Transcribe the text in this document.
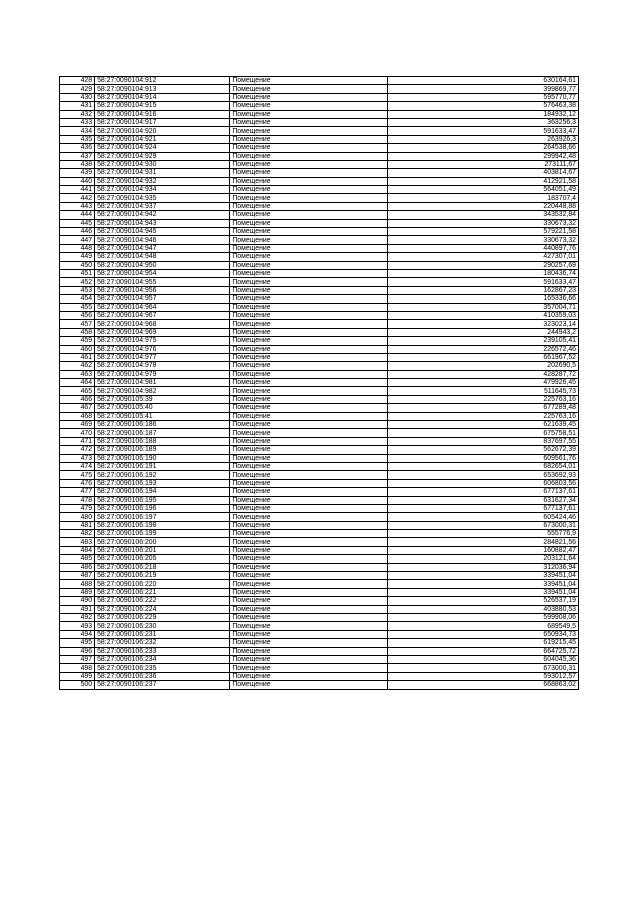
428	58:27:0090104:912	Помещение	630164,61
429	58:27:0090104:913	Помещение	399869,77
430	58:27:0090104:914	Помещение	595770,77
431	58:27:0090104:915	Помещение	576463,38
432	58:27:0090104:916	Помещение	184932,12
433	58:27:0090104:917	Помещение	363256,3
434	58:27:0090104:920	Помещение	591633,47
435	58:27:0090104:921	Помещение	263926,3
436	58:27:0090104:924	Помещение	264538,66
437	58:27:0090104:929	Помещение	299942,48
438	58:27:0090104:930	Помещение	273111,67
439	58:27:0090104:931	Помещение	403814,67
440	58:27:0090104:932	Помещение	412921,58
441	58:27:0090104:934	Помещение	564051,49
442	58:27:0090104:935	Помещение	183707,4
443	58:27:0090104:937	Помещение	220448,88
444	58:27:0090104:942	Помещение	343532,84
445	58:27:0090104:943	Помещение	330673,32
446	58:27:0090104:945	Помещение	579221,58
447	58:27:0090104:946	Помещение	330673,32
448	58:27:0090104:947	Помещение	440897,76
449	58:27:0090104:948	Помещение	427307,01
450	58:27:0090104:950	Помещение	290257,69
451	58:27:0090104:954	Помещение	180436,74
452	58:27:0090104:955	Помещение	591633,47
453	58:27:0090104:956	Помещение	162867,23
454	58:27:0090104:957	Помещение	165336,66
455	58:27:0090104:964	Помещение	357004,71
456	58:27:0090104:967	Помещение	410359,03
457	58:27:0090104:968	Помещение	323023,14
458	58:27:0090104:969	Помещение	244943,2
459	58:27:0090104:975	Помещение	239105,41
460	58:27:0090104:976	Помещение	226572,46
461	58:27:0090104:977	Помещение	661967,52
462	58:27:0090104:978	Помещение	202690,5
463	58:27:0090104:979	Помещение	428287,72
464	58:27:0090104:981	Помещение	479926,45
465	58:27:0090104:982	Помещение	511645,73
466	58:27:0090105:39	Помещение	225763,16
467	58:27:0090105:40	Помещение	677289,48
468	58:27:0090105:41	Помещение	225763,16
469	58:27:0090106:186	Помещение	621639,45
470	58:27:0090106:187	Помещение	675758,51
471	58:27:0090106:188	Помещение	837697,55
472	58:27:0090106:189	Помещение	562672,39
473	58:27:0090106:190	Помещение	609561,76
474	58:27:0090106:191	Помещение	682654,01
475	58:27:0090106:192	Помещение	653692,93
476	58:27:0090106:193	Помещение	606803,56
477	58:27:0090106:194	Помещение	677137,61
478	58:27:0090106:195	Помещение	631627,34
479	58:27:0090106:196	Помещение	677137,61
480	58:27:0090106:197	Помещение	605424,46
481	58:27:0090106:198	Помещение	673000,31
482	58:27:0090106:199	Помещение	555776,9
483	58:27:0090106:200	Помещение	284821,56
484	58:27:0090106:201	Помещение	160882,47
485	58:27:0090106:205	Помещение	203121,64
486	58:27:0090106:218	Помещение	312036,94
487	58:27:0090106:219	Помещение	339451,04
488	58:27:0090106:220	Помещение	339451,04
489	58:27:0090106:221	Помещение	339451,04
490	58:27:0090106:222	Помещение	526537,19
491	58:27:0090106:224	Помещение	403880,53
492	58:27:0090106:229	Помещение	599908,06
493	58:27:0090106:230	Помещение	689549,5
494	58:27:0090106:231	Помещение	650934,73
495	58:27:0090106:232	Помещение	619215,45
496	58:27:0090106:233	Помещение	664725,72
497	58:27:0090106:234	Помещение	604045,36
498	58:27:0090106:235	Помещение	673000,31
499	58:27:0090106:236	Помещение	593012,57
500	58:27:0090106:237	Помещение	668863,02
